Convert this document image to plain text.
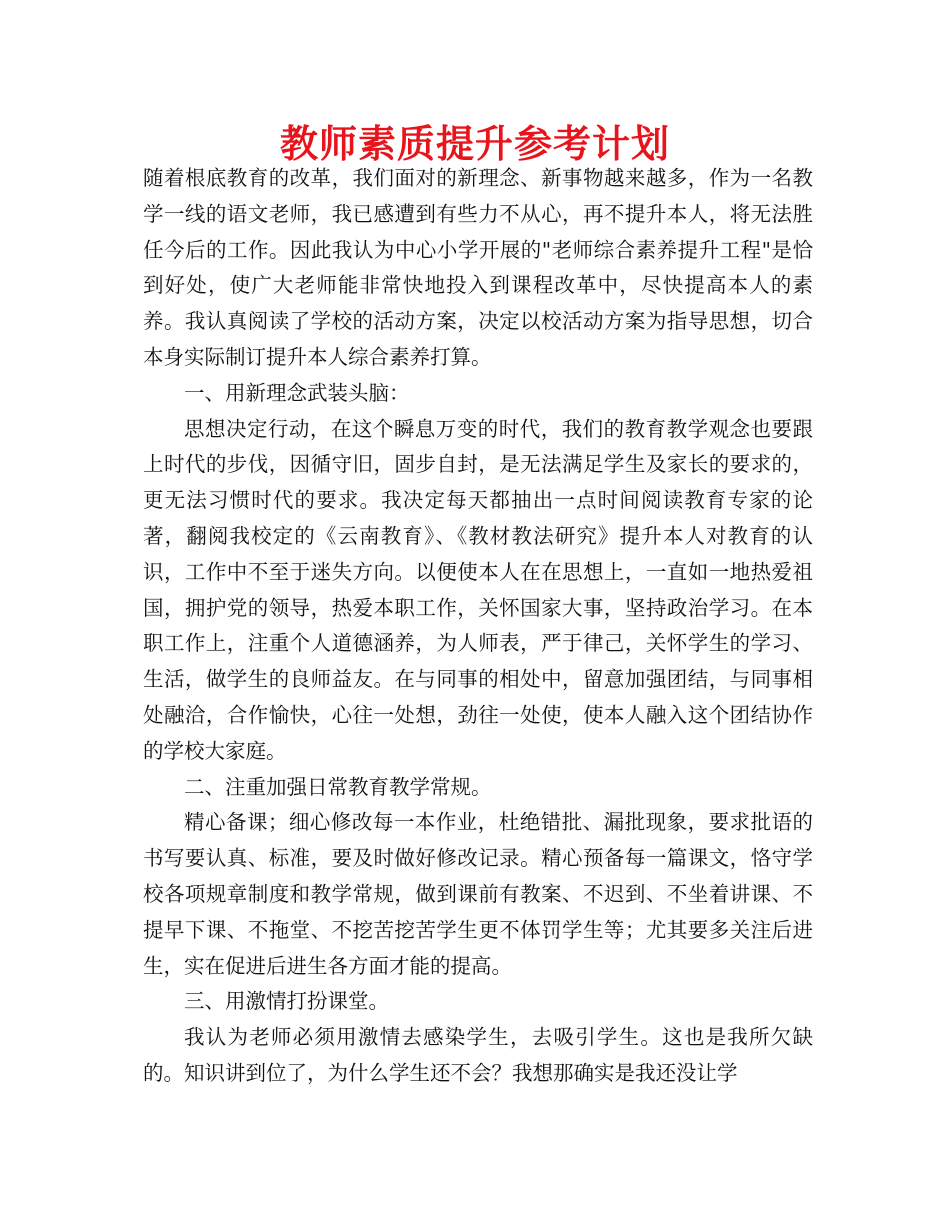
教师素质提升参考计划

随着根底教育的改革，我们面对的新理念、新事物越来越多，作为一名教学一线的语文老师，我已感遭到有些力不从心，再不提升本人，将无法胜任今后的工作。因此我认为中心小学开展的"老师综合素养提升工程"是恰到好处，使广大老师能非常快地投入到课程改革中，尽快提高本人的素养。我认真阅读了学校的活动方案，决定以校活动方案为指导思想，切合本身实际制订提升本人综合素养打算。

一、用新理念武装头脑：

思想决定行动，在这个瞬息万变的时代，我们的教育教学观念也要跟上时代的步伐，因循守旧，固步自封，是无法满足学生及家长的要求的，更无法习惯时代的要求。我决定每天都抽出一点时间阅读教育专家的论著，翻阅我校定的《云南教育》、《教材教法研究》提升本人对教育的认识，工作中不至于迷失方向。以便使本人在在思想上，一直如一地热爱祖国，拥护党的领导，热爱本职工作，关怀国家大事，坚持政治学习。在本职工作上，注重个人道德涵养，为人师表，严于律己，关怀学生的学习、生活，做学生的良师益友。在与同事的相处中，留意加强团结，与同事相处融洽，合作愉快，心往一处想，劲往一处使，使本人融入这个团结协作的学校大家庭。

二、注重加强日常教育教学常规。

精心备课；细心修改每一本作业，杜绝错批、漏批现象，要求批语的书写要认真、标准，要及时做好修改记录。精心预备每一篇课文，恪守学校各项规章制度和教学常规，做到课前有教案、不迟到、不坐着讲课、不提早下课、不拖堂、不挖苦挖苦学生更不体罚学生等；尤其要多关注后进生，实在促进后进生各方面才能的提高。

三、用激情打扮课堂。

我认为老师必须用激情去感染学生，去吸引学生。这也是我所欠缺的。知识讲到位了，为什么学生还不会？我想那确实是我还没让学
